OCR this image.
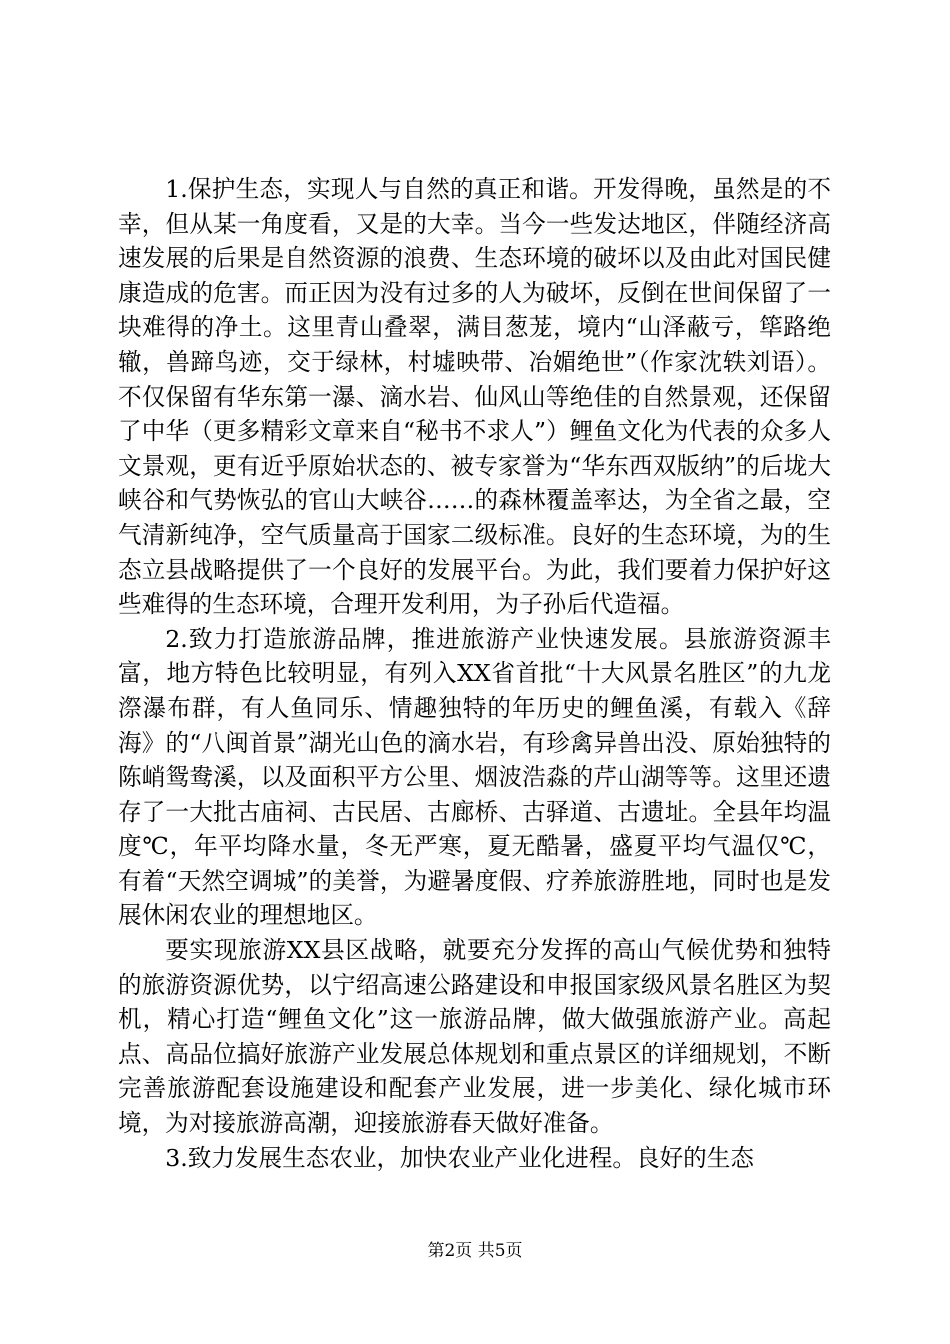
1.保护生态，实现人与自然的真正和谐。开发得晚，虽然是的不幸，但从某一角度看，又是的大幸。当今一些发达地区，伴随经济高速发展的后果是自然资源的浪费、生态环境的破坏以及由此对国民健康造成的危害。而正因为没有过多的人为破坏，反倒在世间保留了一块难得的净土。这里青山叠翠，满目葱茏，境内“山泽蔽亏，筚路绝辙，兽蹄鸟迹，交于绿林，村墟映带、冶媚绝世”（作家沈轶刘语）。不仅保留有华东第一瀑、滴水岩、仙风山等绝佳的自然景观，还保留了中华（更多精彩文章来自“秘书不求人”）鲤鱼文化为代表的众多人文景观，更有近乎原始状态的、被专家誉为“华东西双版纳”的后垅大峡谷和气势恢弘的官山大峡谷……的森林覆盖率达，为全省之最，空气清新纯净，空气质量高于国家二级标准。良好的生态环境，为的生态立县战略提供了一个良好的发展平台。为此，我们要着力保护好这些难得的生态环境，合理开发利用，为子孙后代造福。

2.致力打造旅游品牌，推进旅游产业快速发展。县旅游资源丰富，地方特色比较明显，有列入XX省首批“十大风景名胜区”的九龙漈瀑布群，有人鱼同乐、情趣独特的年历史的鲤鱼溪，有载入《辞海》的“八闽首景”湖光山色的滴水岩，有珍禽异兽出没、原始独特的陈峭鸳鸯溪，以及面积平方公里、烟波浩淼的芹山湖等等。这里还遗存了一大批古庙祠、古民居、古廊桥、古驿道、古遗址。全县年均温度℃，年平均降水量，冬无严寒，夏无酷暑，盛夏平均气温仅℃，有着“天然空调城”的美誉，为避暑度假、疗养旅游胜地，同时也是发展休闲农业的理想地区。

要实现旅游XX县区战略，就要充分发挥的高山气候优势和独特的旅游资源优势，以宁绍高速公路建设和申报国家级风景名胜区为契机，精心打造“鲤鱼文化”这一旅游品牌，做大做强旅游产业。高起点、高品位搞好旅游产业发展总体规划和重点景区的详细规划，不断完善旅游配套设施建设和配套产业发展，进一步美化、绿化城市环境，为对接旅游高潮，迎接旅游春天做好准备。

3.致力发展生态农业，加快农业产业化进程。良好的生态

第2页 共5页
